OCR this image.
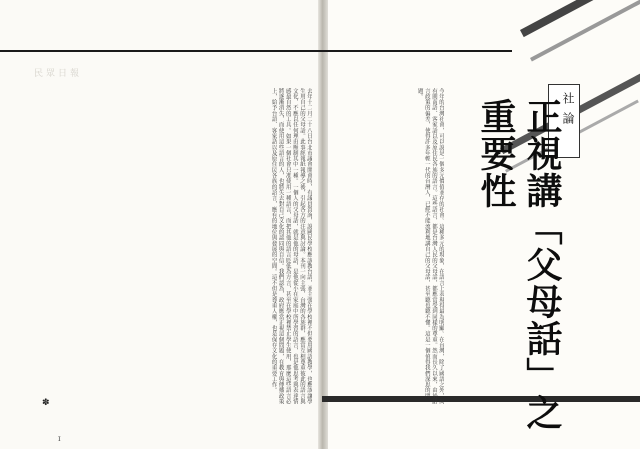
民眾日報
去年十二月二十八日台北市議會開會時，有議員質詢，說國民學校應該教台語，並主張在學校裡不但要用國語教學，也應該讓學生用自己的父母話。此事經報紙報導之後，引起各方的注意與討論。本刊一向主張，台灣的各族群，應當互相尊重彼此的語言與文化，不應以任何理由壓制其中一種。一個人的父母話，就是他的母語，是他從小在家庭中所學習的語言，也是他思考與表達情感最自然的工具。如果一個社會只准使用一種語言，而把其他的語言貶低為方言，甚至在學校裡禁止學生使用，那麼這些語言必將逐漸消失，而使用這些語言的人，也將失去對自己文化的認同與自信。我們認為，政府應當正視這個問題，在教育與傳播政策上，給予台語、客家話以及原住民各族的語言，應有的地位與發展的空間。這不但是尊重人權，也是保存文化的重要工作。	今年的台灣社會，可以說是一個多元價值並存的社會。這種多元的現象，在語言上表現得最為明顯。在台灣，除了國語之外，尚有閩南語、客家話以及原住民各族的語言。這些語言，都是台灣人民的父母話，都應當受到同樣的尊重。然而長久以來，由於語言政策的偏差，使得許多年輕一代的台灣人，已經不能流利地講自己的父母話，甚至聽也聽不懂。這是一個值得我們深思的問題。	社論
正視講「父母話」之重要性
✽
ɪ
